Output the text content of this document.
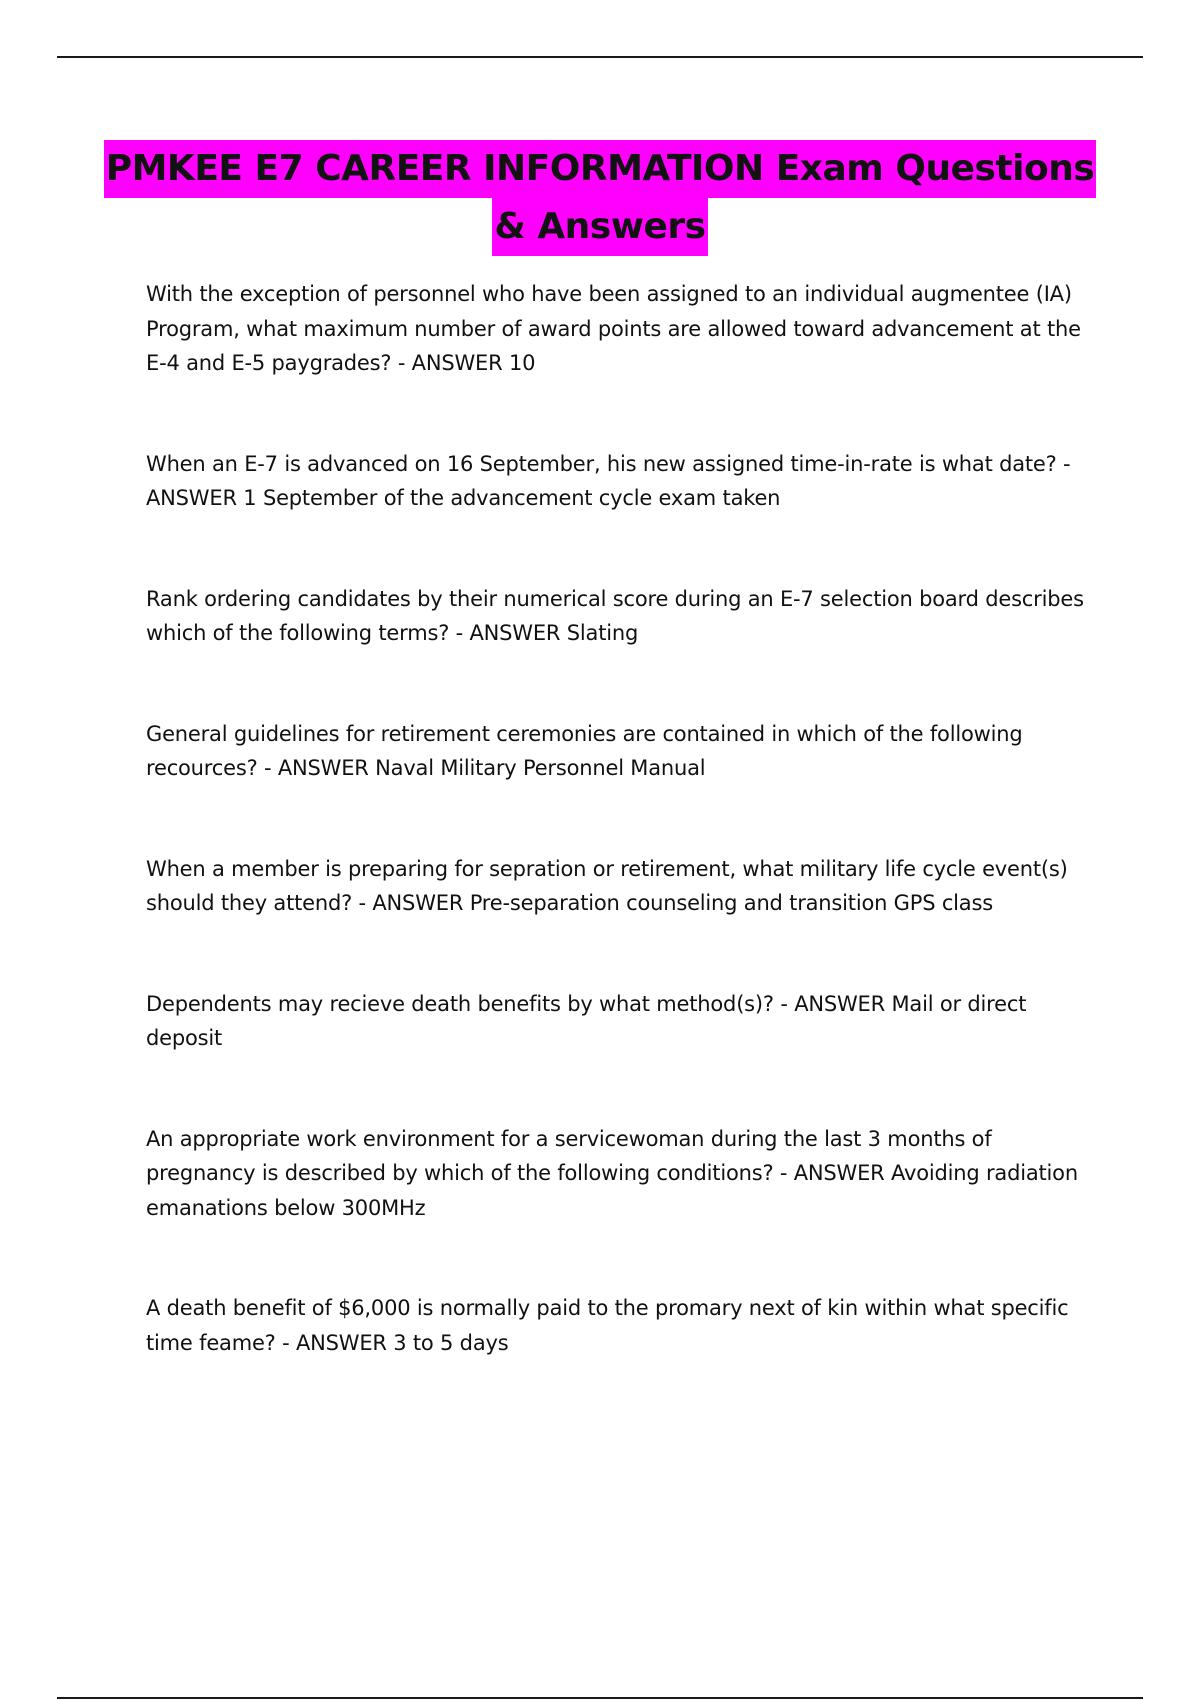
PMKEE E7 CAREER INFORMATION Exam Questions
& Answers
With the exception of personnel who have been assigned to an individual augmentee (IA) Program, what maximum number of award points are allowed toward advancement at the E-4 and E-5 paygrades? - ANSWER 10
When an E-7 is advanced on 16 September, his new assigned time-in-rate is what date? - ANSWER 1 September of the advancement cycle exam taken
Rank ordering candidates by their numerical score during an E-7 selection board describes which of the following terms? - ANSWER Slating
General guidelines for retirement ceremonies are contained in which of the following recources? - ANSWER Naval Military Personnel Manual
When a member is preparing for sepration or retirement, what military life cycle event(s) should they attend? - ANSWER Pre-separation counseling and transition GPS class
Dependents may recieve death benefits by what method(s)? - ANSWER Mail or direct deposit
An appropriate work environment for a servicewoman during the last 3 months of pregnancy is described by which of the following conditions? - ANSWER Avoiding radiation emanations below 300MHz
A death benefit of $6,000 is normally paid to the promary next of kin within what specific time feame? - ANSWER 3 to 5 days
